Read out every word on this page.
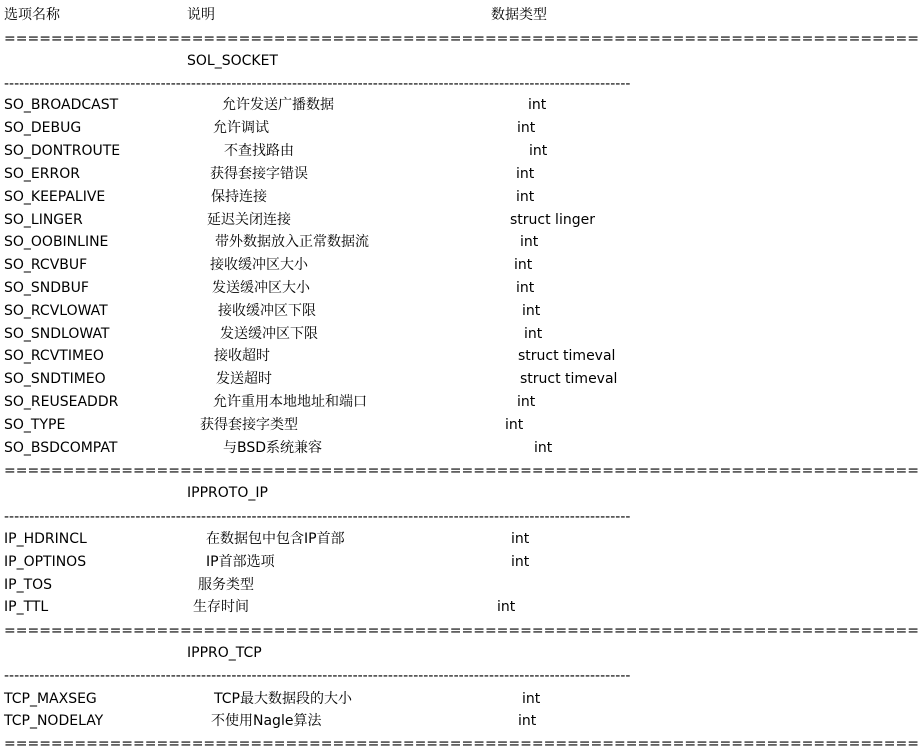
选项名称	说明	数据类型
==============================================================================
SOL_SOCKET
----------------------------------------------------------------------------------------------------------------------------
SO_BROADCAST	允许发送广播数据	int
SO_DEBUG	允许调试	int
SO_DONTROUTE	不查找路由	int
SO_ERROR	获得套接字错误	int
SO_KEEPALIVE	保持连接	int
SO_LINGER	延迟关闭连接	struct linger
SO_OOBINLINE	带外数据放入正常数据流	int
SO_RCVBUF	接收缓冲区大小	int
SO_SNDBUF	发送缓冲区大小	int
SO_RCVLOWAT	接收缓冲区下限	int
SO_SNDLOWAT	发送缓冲区下限	int
SO_RCVTIMEO	接收超时	struct timeval
SO_SNDTIMEO	发送超时	struct timeval
SO_REUSEADDR	允许重用本地地址和端口	int
SO_TYPE	获得套接字类型	int
SO_BSDCOMPAT	与BSD系统兼容	int
==============================================================================
IPPROTO_IP
----------------------------------------------------------------------------------------------------------------------------
IP_HDRINCL	在数据包中包含IP首部	int
IP_OPTINOS	IP首部选项	int
IP_TOS	服务类型
IP_TTL	生存时间	int
==============================================================================
IPPRO_TCP
----------------------------------------------------------------------------------------------------------------------------
TCP_MAXSEG	TCP最大数据段的大小	int
TCP_NODELAY	不使用Nagle算法	int
==============================================================================
